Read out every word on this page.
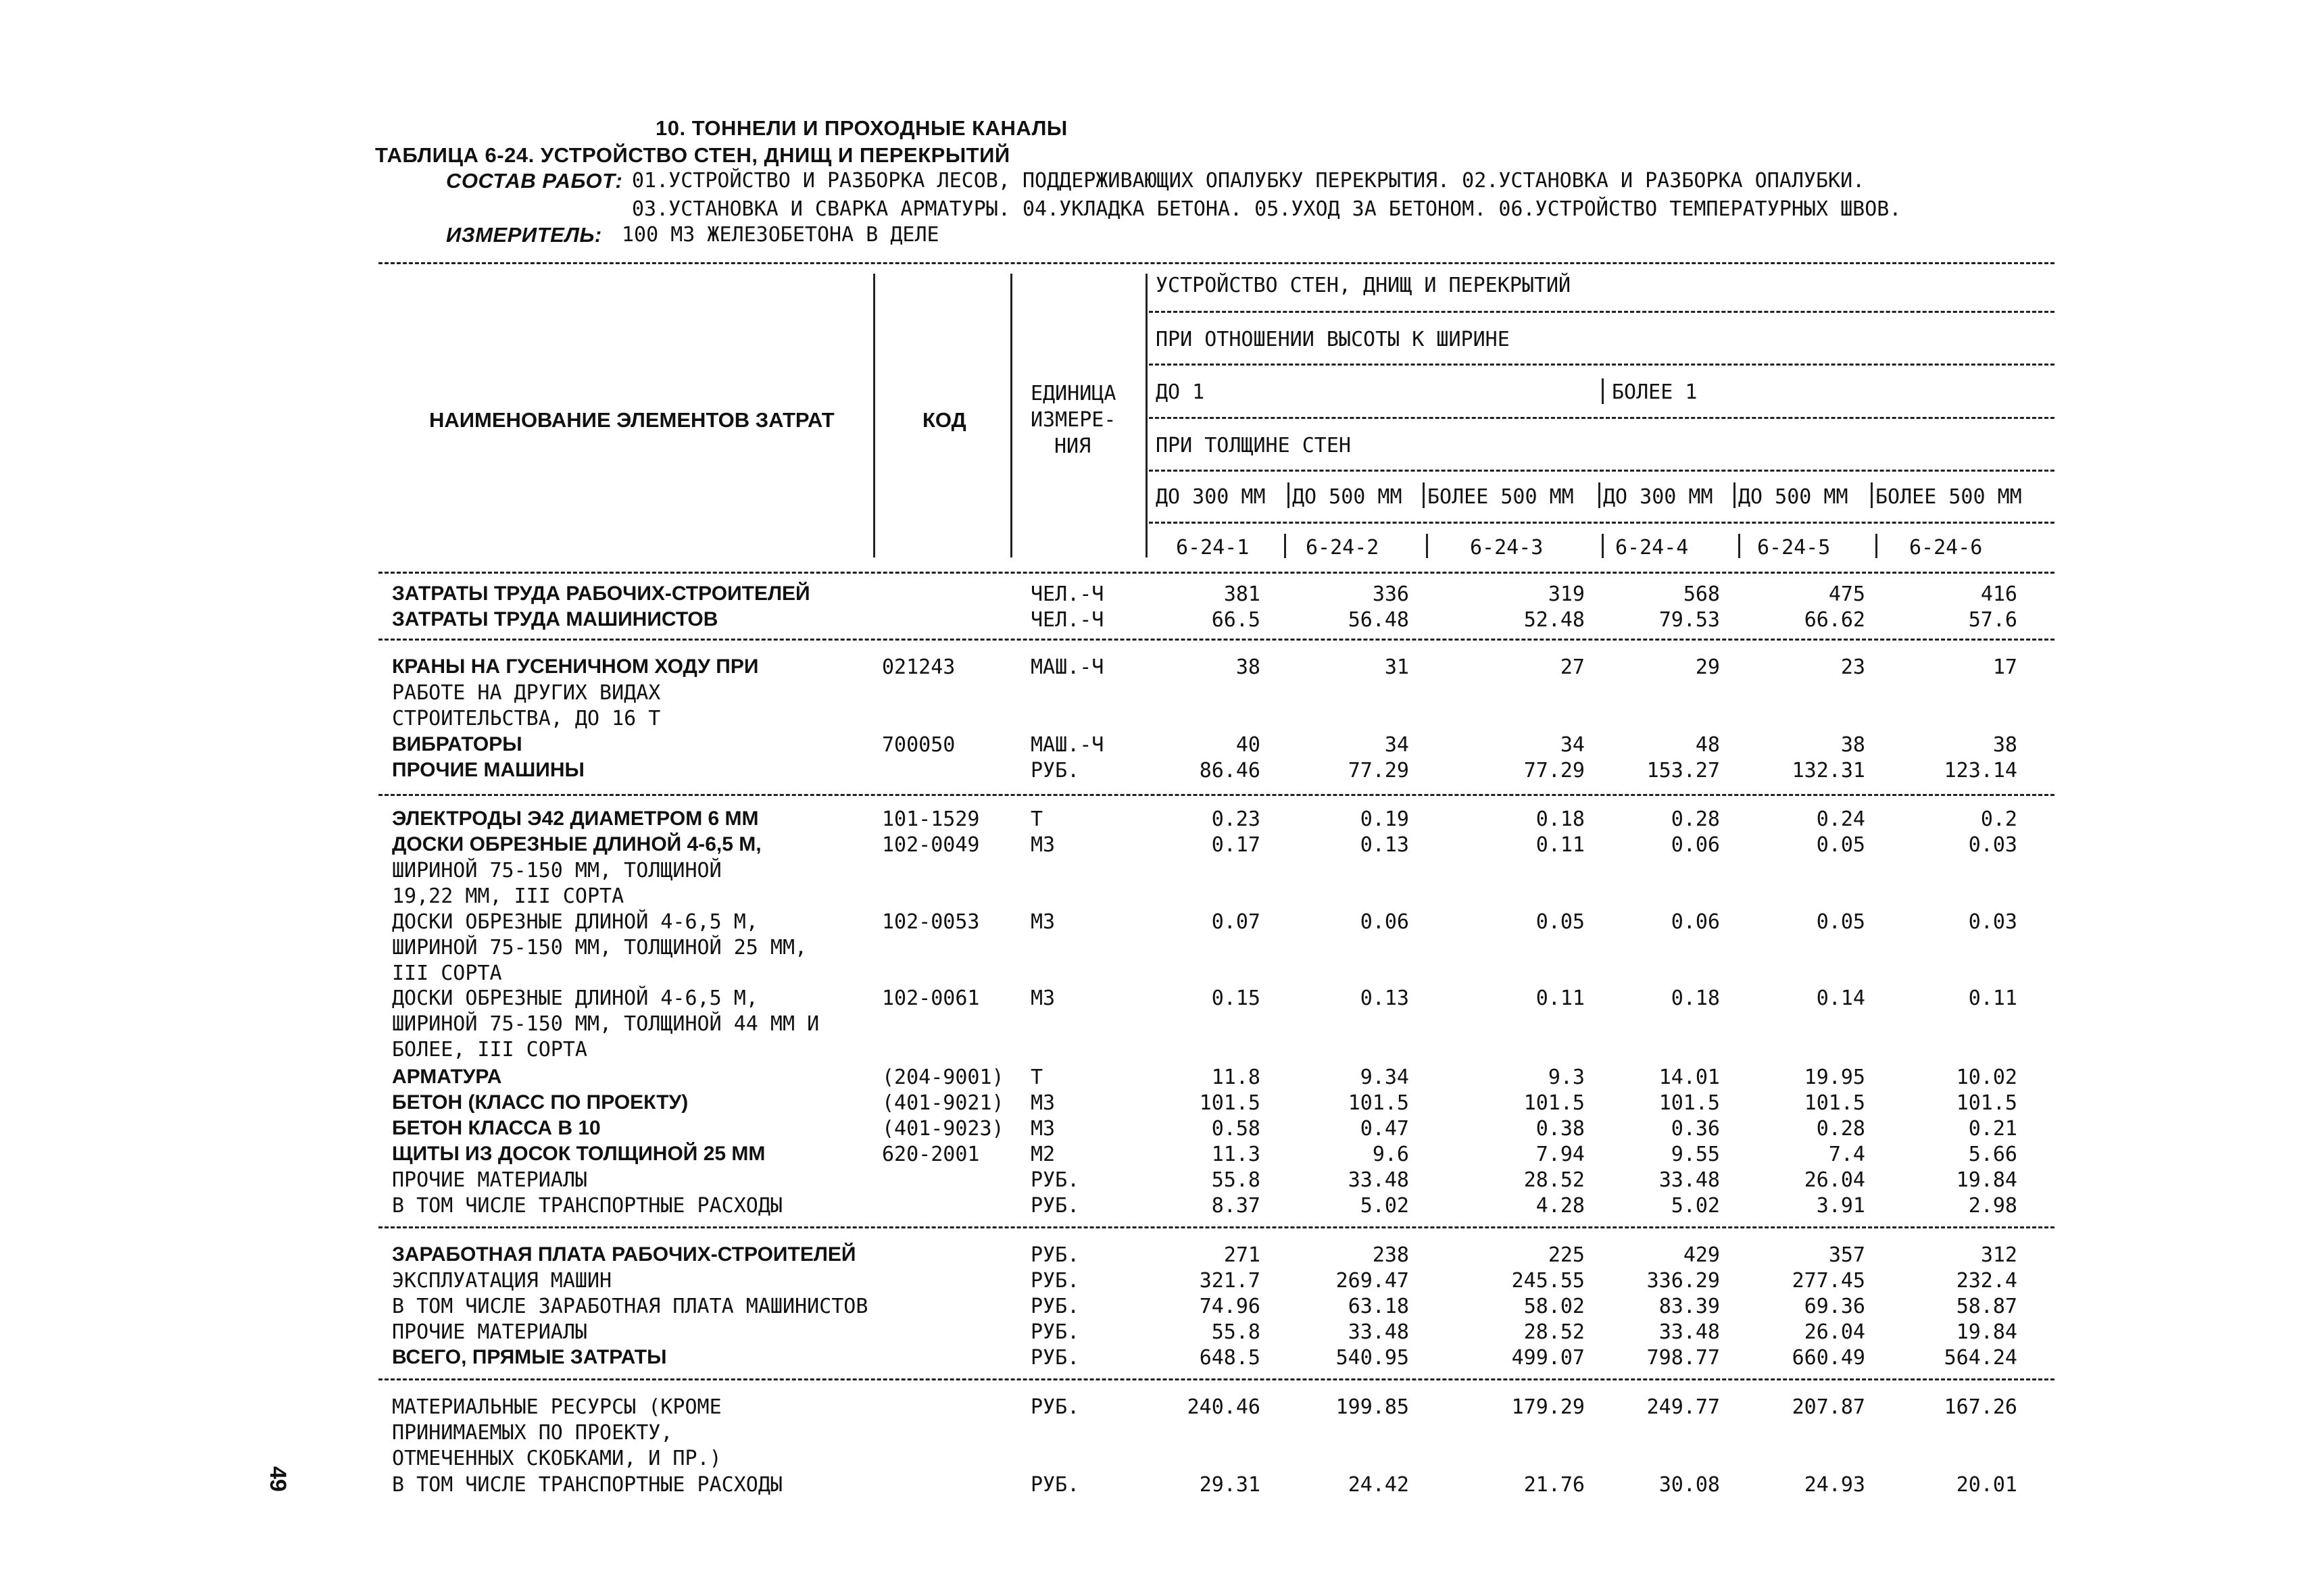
10. ТОННЕЛИ И ПРОХОДНЫЕ КАНАЛЫ
ТАБЛИЦА 6-24. УСТРОЙСТВО СТЕН, ДНИЩ И ПЕРЕКРЫТИЙ
СОСТАВ РАБОТ: 01.УСТРОЙСТВО И РАЗБОРКА ЛЕСОВ, ПОДДЕРЖИВАЮЩИХ ОПАЛУБКУ ПЕРЕКРЫТИЯ. 02.УСТАНОВКА И РАЗБОРКА ОПАЛУБКИ.
03.УСТАНОВКА И СВАРКА АРМАТУРЫ. 04.УКЛАДКА БЕТОНА. 05.УХОД ЗА БЕТОНОМ. 06.УСТРОЙСТВО ТЕМПЕРАТУРНЫХ ШВОВ.
ИЗМЕРИТЕЛЬ: 100 М3 ЖЕЛЕЗОБЕТОНА В ДЕЛЕ
НАИМЕНОВАНИЕ ЭЛЕМЕНТОВ ЗАТРАТ	КОД
ЕДИНИЦА
ИЗМЕРЕ-
НИЯ
УСТРОЙСТВО СТЕН, ДНИЩ И ПЕРЕКРЫТИЙ
ПРИ ОТНОШЕНИИ ВЫСОТЫ К ШИРИНЕ
ДО 1	БОЛЕЕ 1
ПРИ ТОЛЩИНЕ СТЕН
ДО 300 ММ ДО 500 ММ БОЛЕЕ 500 ММ ДО 300 ММ ДО 500 ММ БОЛЕЕ 500 ММ
6-24-1	6-24-2	6-24-3	6-24-4	6-24-5	6-24-6
ЗАТРАТЫ ТРУДА РАБОЧИХ-СТРОИТЕЛЕЙ	ЧЕЛ.-Ч	381	336	319	568	475	416
ЗАТРАТЫ ТРУДА МАШИНИСТОВ	ЧЕЛ.-Ч	66.5	56.48	52.48	79.53	66.62	57.6
КРАНЫ НА ГУСЕНИЧНОМ ХОДУ ПРИ
РАБОТЕ НА ДРУГИХ ВИДАХ
СТРОИТЕЛЬСТВА, ДО 16 Т
021243	МАШ.-Ч	38	31	27	29	23	17
ВИБРАТОРЫ	700050	МАШ.-Ч	40	34	34	48	38	38
ПРОЧИЕ МАШИНЫ	РУБ.	86.46	77.29	77.29	153.27	132.31	123.14
ЭЛЕКТРОДЫ Э42 ДИАМЕТРОМ 6 ММ	101-1529	Т	0.23	0.19	0.18	0.28	0.24	0.2
ДОСКИ ОБРЕЗНЫЕ ДЛИНОЙ 4-6,5 М,
ШИРИНОЙ 75-150 ММ, ТОЛЩИНОЙ
19,22 ММ, III СОРТА
102-0049	М3	0.17	0.13	0.11	0.06	0.05	0.03
ДОСКИ ОБРЕЗНЫЕ ДЛИНОЙ 4-6,5 М,
ШИРИНОЙ 75-150 ММ, ТОЛЩИНОЙ 25 ММ,
III СОРТА
102-0053	М3	0.07	0.06	0.05	0.06	0.05	0.03
ДОСКИ ОБРЕЗНЫЕ ДЛИНОЙ 4-6,5 М,
ШИРИНОЙ 75-150 ММ, ТОЛЩИНОЙ 44 ММ И
БОЛЕЕ, III СОРТА
102-0061	М3	0.15	0.13	0.11	0.18	0.14	0.11
АРМАТУРА	(204-9001) Т	11.8	9.34	9.3	14.01	19.95	10.02
БЕТОН (КЛАСС ПО ПРОЕКТУ)	(401-9021) М3	101.5	101.5	101.5	101.5	101.5	101.5
БЕТОН КЛАССА В 10	(401-9023) М3	0.58	0.47	0.38	0.36	0.28	0.21
ЩИТЫ ИЗ ДОСОК ТОЛЩИНОЙ 25 ММ	620-2001	М2	11.3	9.6	7.94	9.55	7.4	5.66
ПРОЧИЕ МАТЕРИАЛЫ	РУБ.	55.8	33.48	28.52	33.48	26.04	19.84
В ТОМ ЧИСЛЕ ТРАНСПОРТНЫЕ РАСХОДЫ	РУБ.	8.37	5.02	4.28	5.02	3.91	2.98
ЗАРАБОТНАЯ ПЛАТА РАБОЧИХ-СТРОИТЕЛЕЙ	РУБ.	271	238	225	429	357	312
ЭКСПЛУАТАЦИЯ МАШИН	РУБ.	321.7	269.47	245.55	336.29	277.45	232.4
В ТОМ ЧИСЛЕ ЗАРАБОТНАЯ ПЛАТА МАШИНИСТОВ	РУБ.	74.96	63.18	58.02	83.39	69.36	58.87
ПРОЧИЕ МАТЕРИАЛЫ	РУБ.	55.8	33.48	28.52	33.48	26.04	19.84
ВСЕГО, ПРЯМЫЕ ЗАТРАТЫ	РУБ.	648.5	540.95	499.07	798.77	660.49	564.24
МАТЕРИАЛЬНЫЕ РЕСУРСЫ (КРОМЕ
ПРИНИМАЕМЫХ ПО ПРОЕКТУ,
ОТМЕЧЕННЫХ СКОБКАМИ, И ПР.)
РУБ.	240.46	199.85	179.29	249.77	207.87	167.26
В ТОМ ЧИСЛЕ ТРАНСПОРТНЫЕ РАСХОДЫ	РУБ.	29.31	24.42	21.76	30.08	24.93	20.01
49
